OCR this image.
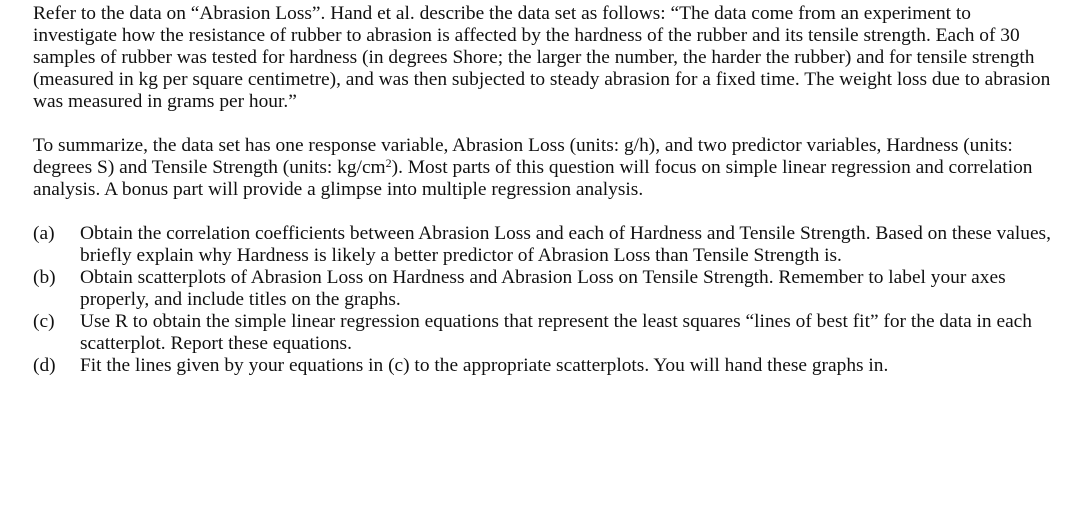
Refer to the data on “Abrasion Loss”. Hand et al. describe the data set as follows: “The data come from an experiment to investigate how the resistance of rubber to abrasion is affected by the hardness of the rubber and its tensile strength. Each of 30 samples of rubber was tested for hardness (in degrees Shore; the larger the number, the harder the rubber) and for tensile strength (measured in kg per square centimetre), and was then subjected to steady abrasion for a fixed time. The weight loss due to abrasion was measured in grams per hour.”

To summarize, the data set has one response variable, Abrasion Loss (units: g/h), and two predictor variables, Hardness (units: degrees S) and Tensile Strength (units: $kg/cm^2$). Most parts of this question will focus on simple linear regression and correlation analysis. A bonus part will provide a glimpse into multiple regression analysis.

(a)	Obtain the correlation coefficients between Abrasion Loss and each of Hardness and Tensile Strength. Based on these values, briefly explain why Hardness is likely a better predictor of Abrasion Loss than Tensile Strength is.
(b)	Obtain scatterplots of Abrasion Loss on Hardness and Abrasion Loss on Tensile Strength. Remember to label your axes properly, and include titles on the graphs.
(c)	Use R to obtain the simple linear regression equations that represent the least squares “lines of best fit” for the data in each scatterplot. Report these equations.
(d)	Fit the lines given by your equations in (c) to the appropriate scatterplots. You will hand these graphs in.
